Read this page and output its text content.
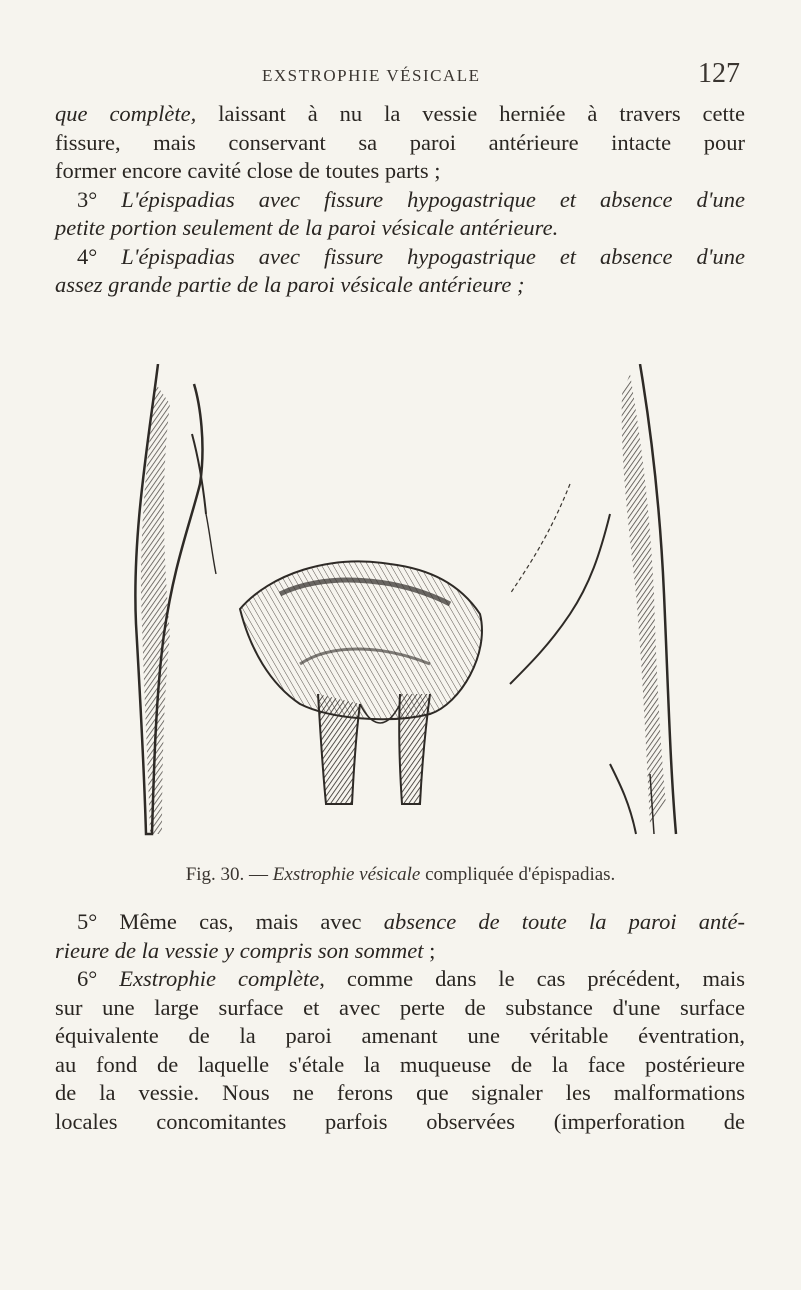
EXSTROPHIE VÉSICALE	127
que complète, laissant à nu la vessie herniée à travers cette
fissure, mais conservant sa paroi antérieure intacte pour
former encore cavité close de toutes parts ;
3° L'épispadias avec fissure hypogastrique et absence d'une
petite portion seulement de la paroi vésicale antérieure.
4° L'épispadias avec fissure hypogastrique et absence d'une
assez grande partie de la paroi vésicale antérieure ;
Fig. 30. — Exstrophie vésicale compliquée d'épispadias.
5° Même cas, mais avec absence de toute la paroi anté-
rieure de la vessie y compris son sommet ;
6° Exstrophie complète, comme dans le cas précédent, mais
sur une large surface et avec perte de substance d'une surface
équivalente de la paroi amenant une véritable éventration,
au fond de laquelle s'étale la muqueuse de la face postérieure
de la vessie. Nous ne ferons que signaler les malformations
locales concomitantes parfois observées (imperforation de
